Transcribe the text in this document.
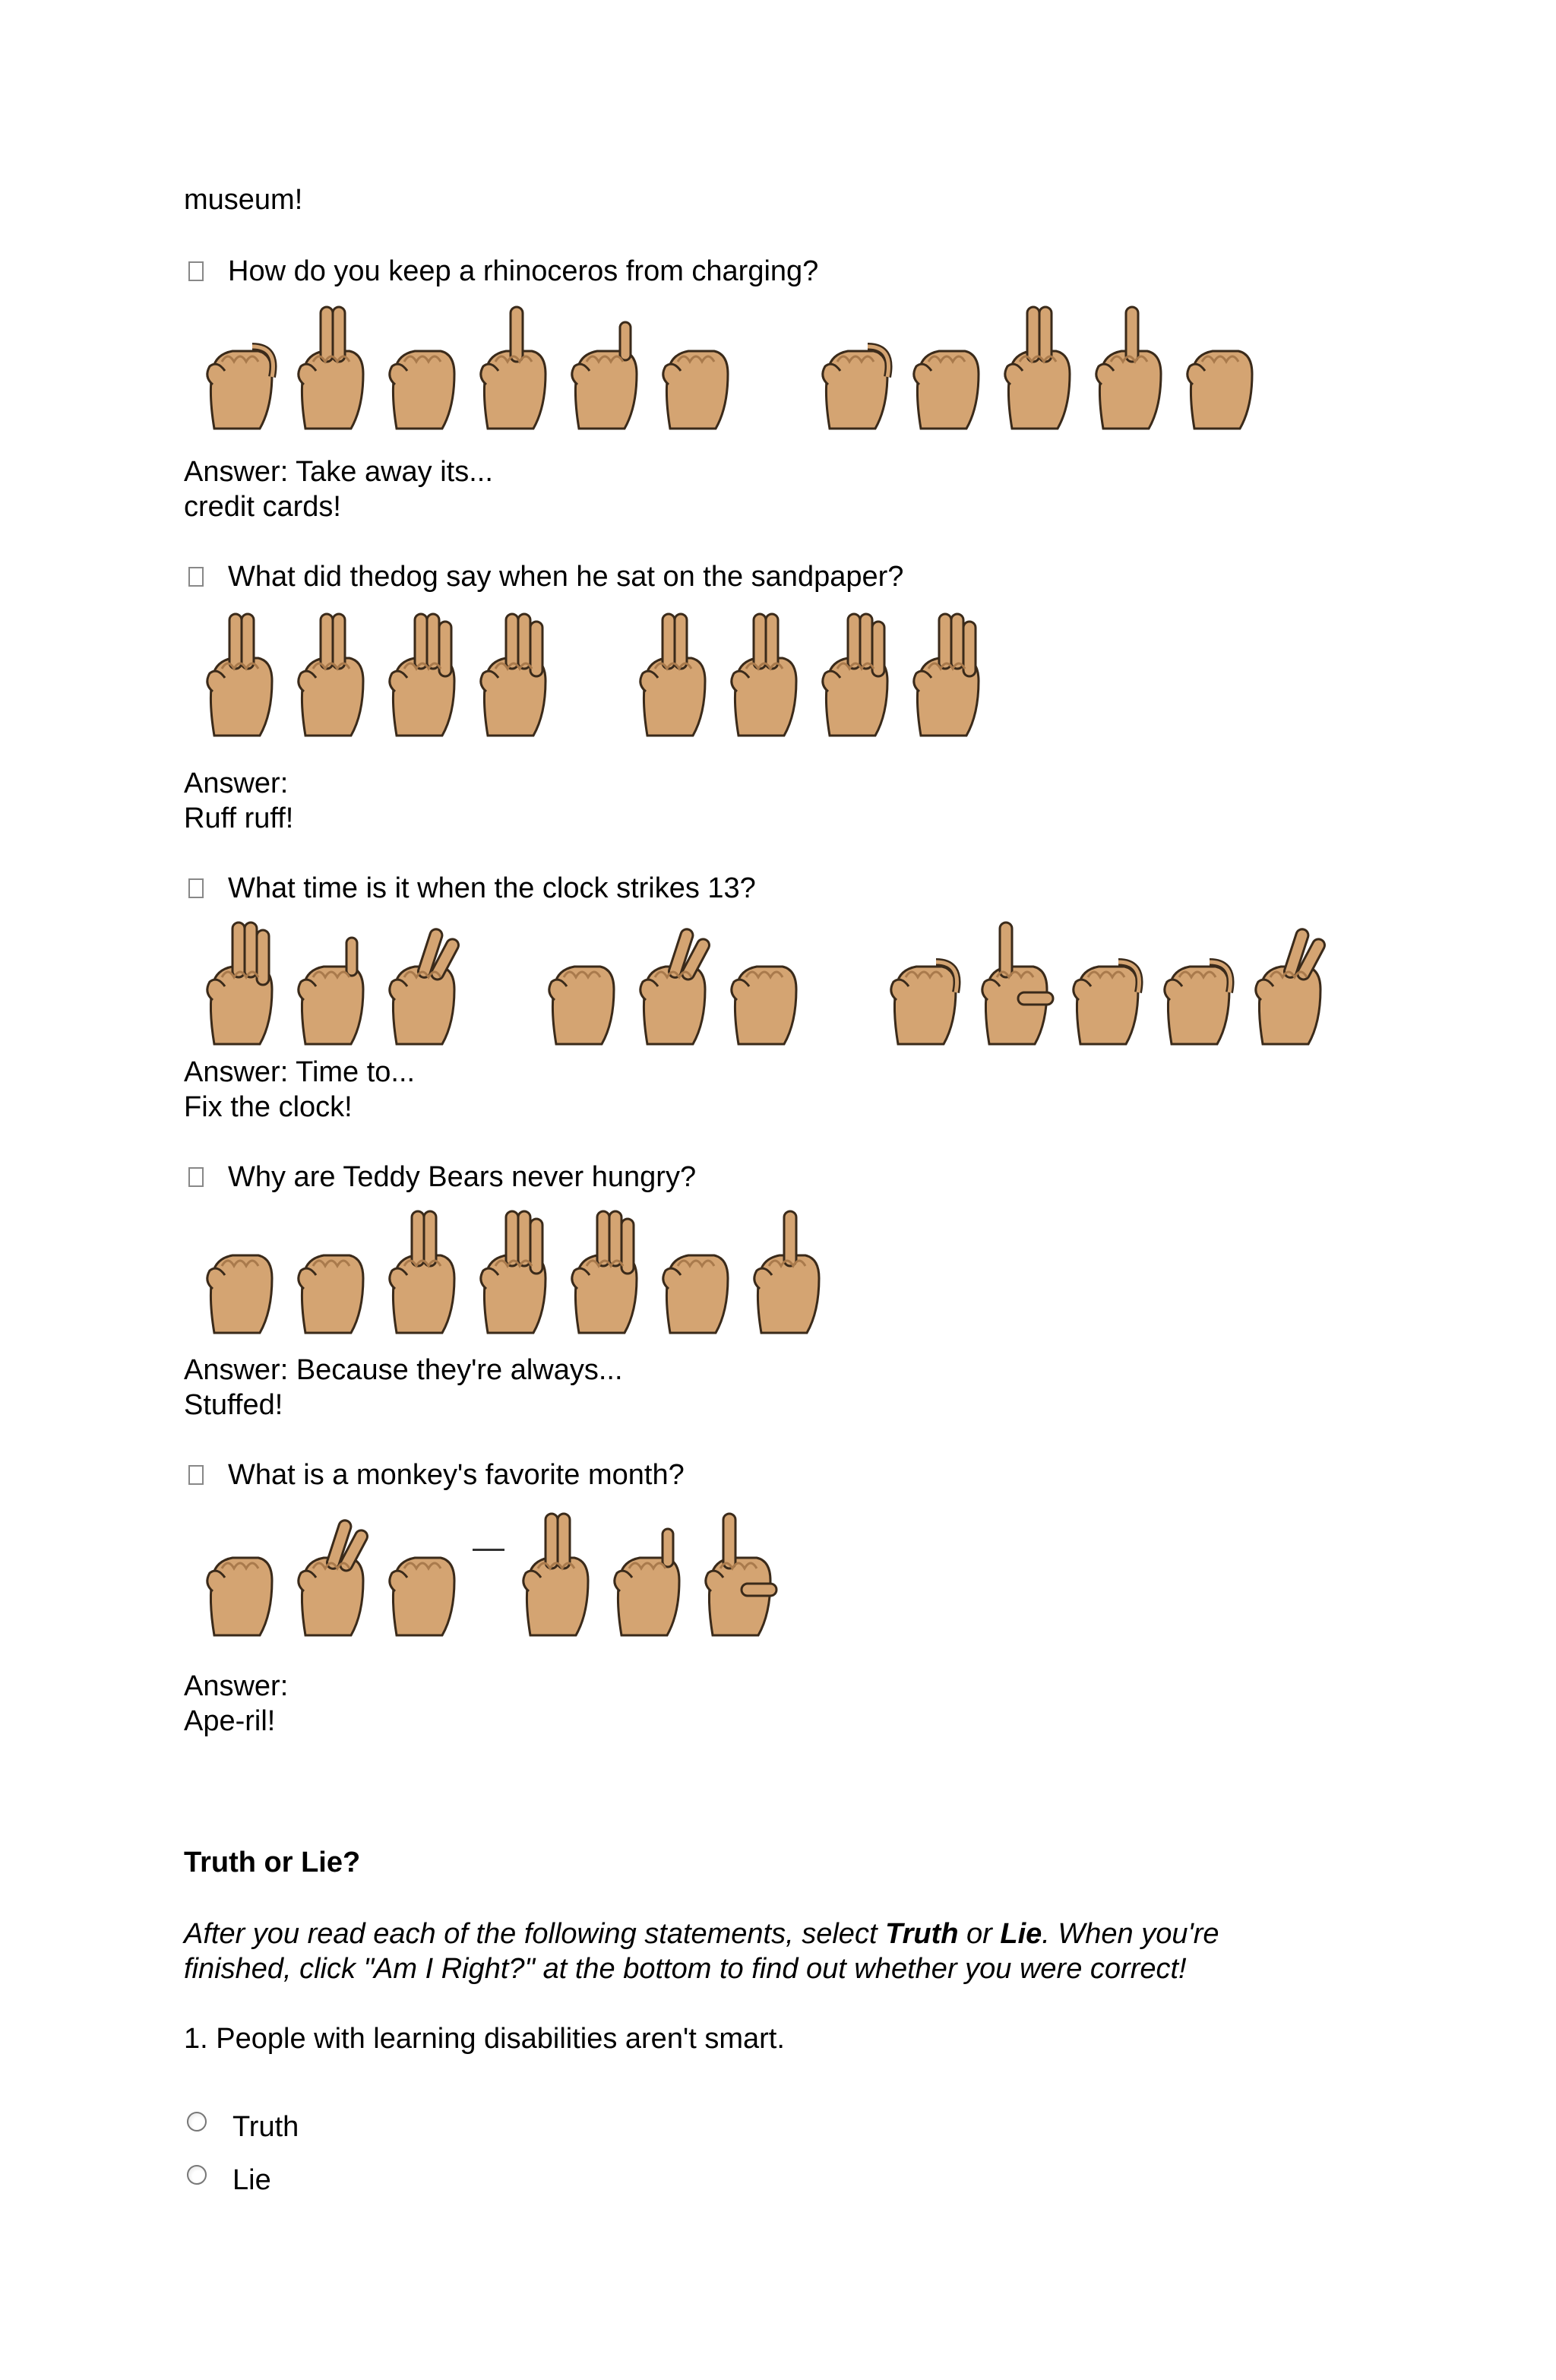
museum!
How do you keep a rhinoceros from charging?
Answer: Take away its...
credit cards!
What did thedog say when he sat on the sandpaper?
Answer:
Ruff ruff!
What time is it when the clock strikes 13?
Answer: Time to...
Fix the clock!
Why are Teddy Bears never hungry?
Answer: Because they're always...
Stuffed!
What is a monkey's favorite month?
Answer:
Ape-ril!
Truth or Lie?
After you read each of the following statements, select Truth or Lie. When you're
finished, click "Am I Right?" at the bottom to find out whether you were correct!
1. People with learning disabilities aren't smart.
Truth
Lie
